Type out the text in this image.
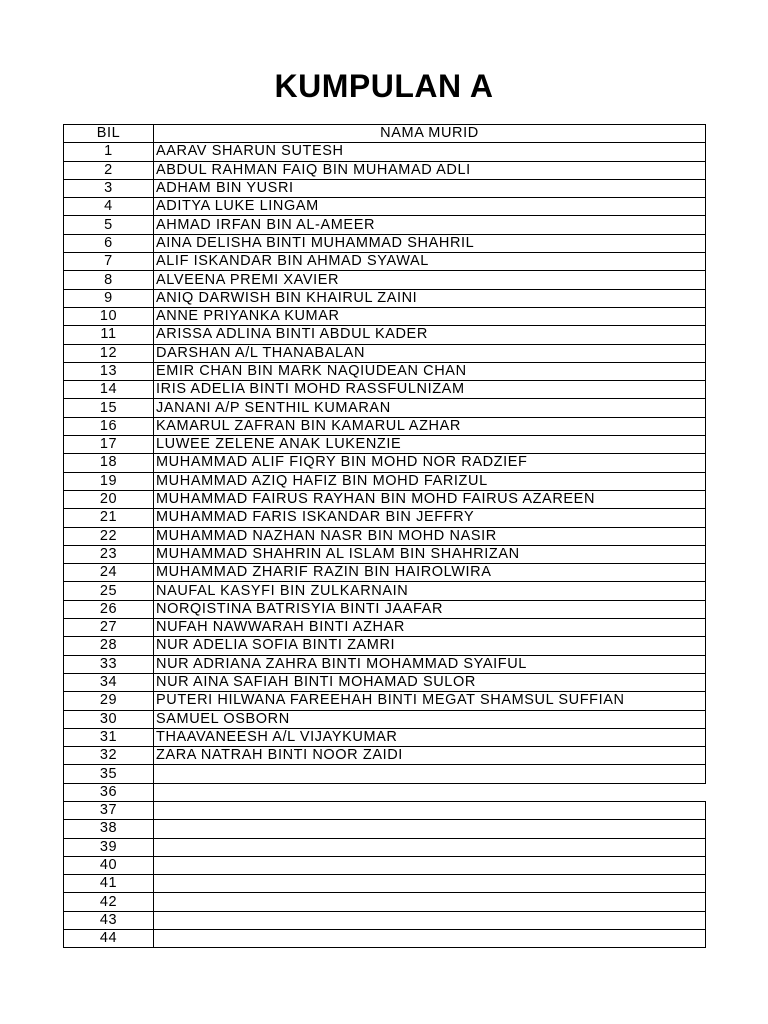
KUMPULAN A
BIL	NAMA MURID
1	AARAV SHARUN SUTESH
2	ABDUL RAHMAN FAIQ BIN MUHAMAD ADLI
3	ADHAM BIN YUSRI
4	ADITYA LUKE LINGAM
5	AHMAD IRFAN BIN AL-AMEER
6	AINA DELISHA BINTI MUHAMMAD SHAHRIL
7	ALIF ISKANDAR BIN AHMAD SYAWAL
8	ALVEENA PREMI XAVIER
9	ANIQ DARWISH BIN KHAIRUL ZAINI
10	ANNE PRIYANKA KUMAR
11	ARISSA ADLINA BINTI ABDUL KADER
12	DARSHAN A/L THANABALAN
13	EMIR CHAN BIN MARK NAQIUDEAN CHAN
14	IRIS ADELIA BINTI MOHD RASSFULNIZAM
15	JANANI A/P SENTHIL KUMARAN
16	KAMARUL ZAFRAN BIN KAMARUL AZHAR
17	LUWEE ZELENE ANAK LUKENZIE
18	MUHAMMAD ALIF FIQRY BIN MOHD NOR RADZIEF
19	MUHAMMAD AZIQ HAFIZ BIN MOHD FARIZUL
20	MUHAMMAD FAIRUS RAYHAN BIN MOHD FAIRUS AZAREEN
21	MUHAMMAD FARIS ISKANDAR BIN JEFFRY
22	MUHAMMAD NAZHAN NASR BIN MOHD NASIR
23	MUHAMMAD SHAHRIN AL ISLAM BIN SHAHRIZAN
24	MUHAMMAD ZHARIF RAZIN BIN HAIROLWIRA
25	NAUFAL KASYFI BIN ZULKARNAIN
26	NORQISTINA BATRISYIA BINTI JAAFAR
27	NUFAH NAWWARAH BINTI AZHAR
28	NUR ADELIA SOFIA BINTI ZAMRI
33	NUR ADRIANA ZAHRA BINTI MOHAMMAD SYAIFUL
34	NUR AINA SAFIAH BINTI MOHAMAD SULOR
29	PUTERI HILWANA FAREEHAH BINTI MEGAT SHAMSUL SUFFIAN
30	SAMUEL OSBORN
31	THAAVANEESH A/L VIJAYKUMAR
32	ZARA NATRAH BINTI NOOR ZAIDI
35	
36	
37	
38	
39	
40	
41	
42	
43	
44	
